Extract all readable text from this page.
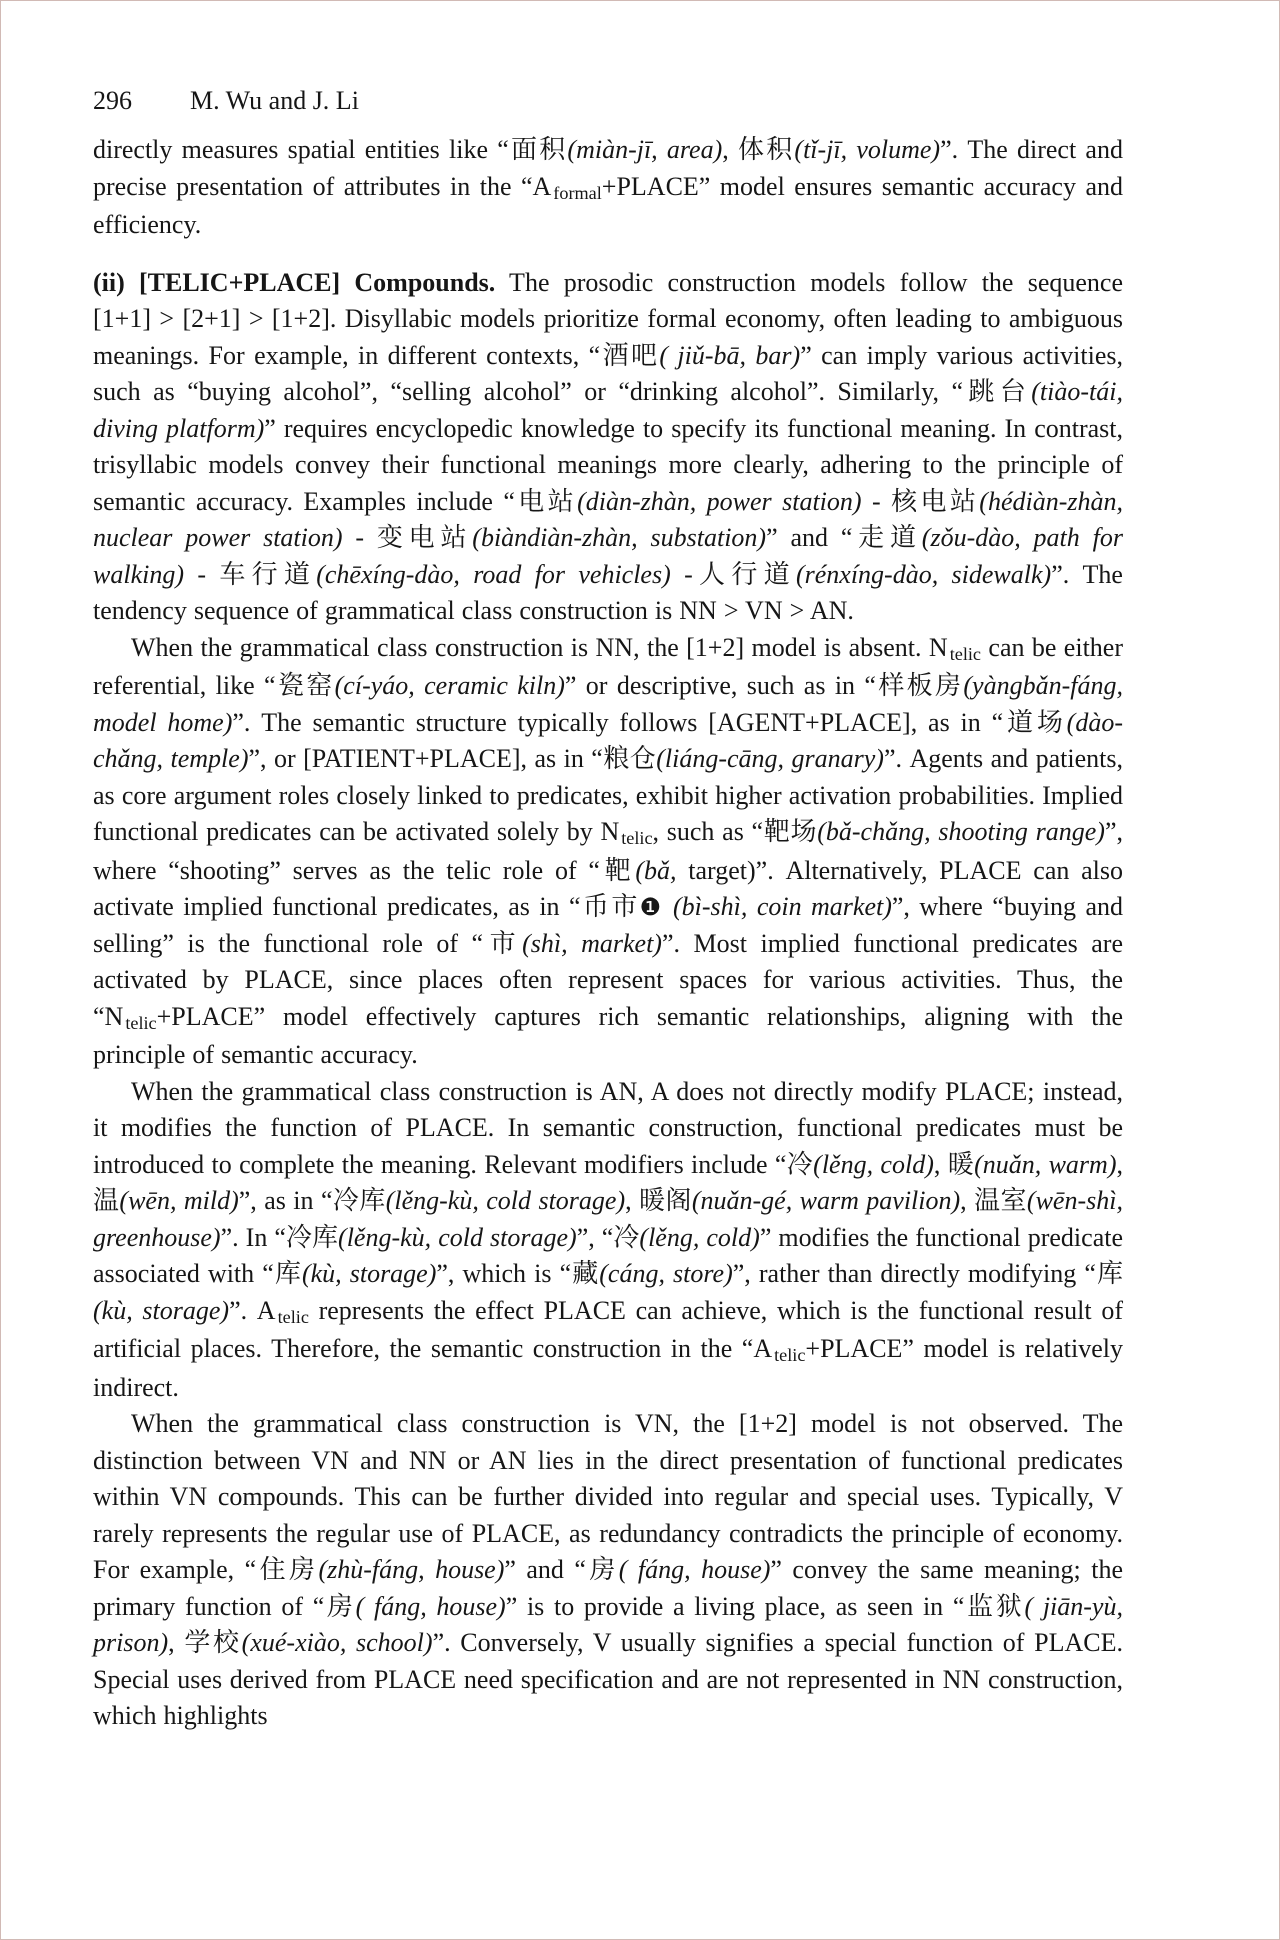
296	M. Wu and J. Li

directly measures spatial entities like “面积(miàn-jī, area), 体积(tǐ-jī, volume)”. The direct and precise presentation of attributes in the “A formal+PLACE” model ensures semantic accuracy and efficiency.

(ii) [TELIC+PLACE] Compounds. The prosodic construction models follow the sequence [1+1] > [2+1] > [1+2]. Disyllabic models prioritize formal economy, often leading to ambiguous meanings. For example, in different contexts, “酒吧( jiǔ-bā, bar)” can imply various activities, such as “buying alcohol”, “selling alcohol” or “drinking alcohol”. Similarly, “跳台(tiào-tái, diving platform)” requires encyclopedic knowledge to specify its functional meaning. In contrast, trisyllabic models convey their functional meanings more clearly, adhering to the principle of semantic accuracy. Examples include “电站(diàn-zhàn, power station) - 核电站(hédiàn-zhàn, nuclear power station) - 变电站(biàndiàn-zhàn, substation)” and “走道(zǒu-dào, path for walking) - 车行道(chēxíng-dào, road for vehicles) -人行道(rénxíng-dào, sidewalk)”. The tendency sequence of grammatical class construction is NN > VN > AN.

When the grammatical class construction is NN, the [1+2] model is absent. N telic can be either referential, like “瓷窑(cí-yáo, ceramic kiln)” or descriptive, such as in “样板房(yàngbǎn-fáng, model home)”. The semantic structure typically follows [AGENT+PLACE], as in “道场(dào-chǎng, temple)”, or [PATIENT+PLACE], as in “粮仓(liáng-cāng, granary)”. Agents and patients, as core argument roles closely linked to predicates, exhibit higher activation probabilities. Implied functional predicates can be activated solely by N telic, such as “靶场(bǎ-chǎng, shooting range)”, where “shooting” serves as the telic role of “靶(bǎ, target)”. Alternatively, PLACE can also activate implied functional predicates, as in “币市❶ (bì-shì, coin market)”, where “buying and selling” is the functional role of “市(shì, market)”. Most implied functional predicates are activated by PLACE, since places often represent spaces for various activities. Thus, the “N telic+PLACE” model effectively captures rich semantic relationships, aligning with the principle of semantic accuracy.

When the grammatical class construction is AN, A does not directly modify PLACE; instead, it modifies the function of PLACE. In semantic construction, functional predicates must be introduced to complete the meaning. Relevant modifiers include “冷(lěng, cold), 暖(nuǎn, warm), 温(wēn, mild)”, as in “冷库(lěng-kù, cold storage), 暖阁(nuǎn-gé, warm pavilion), 温室(wēn-shì, greenhouse)”. In “冷库(lěng-kù, cold storage)”, “冷(lěng, cold)” modifies the functional predicate associated with “库(kù, storage)”, which is “藏(cáng, store)”, rather than directly modifying “库(kù, storage)”. A telic represents the effect PLACE can achieve, which is the functional result of artificial places. Therefore, the semantic construction in the “A telic+PLACE” model is relatively indirect.

When the grammatical class construction is VN, the [1+2] model is not observed. The distinction between VN and NN or AN lies in the direct presentation of functional predicates within VN compounds. This can be further divided into regular and special uses. Typically, V rarely represents the regular use of PLACE, as redundancy contradicts the principle of economy. For example, “住房(zhù-fáng, house)” and “房( fáng, house)” convey the same meaning; the primary function of “房( fáng, house)” is to provide a living place, as seen in “监狱( jiān-yù, prison), 学校(xué-xiào, school)”. Conversely, V usually signifies a special function of PLACE. Special uses derived from PLACE need specification and are not represented in NN construction, which highlights
